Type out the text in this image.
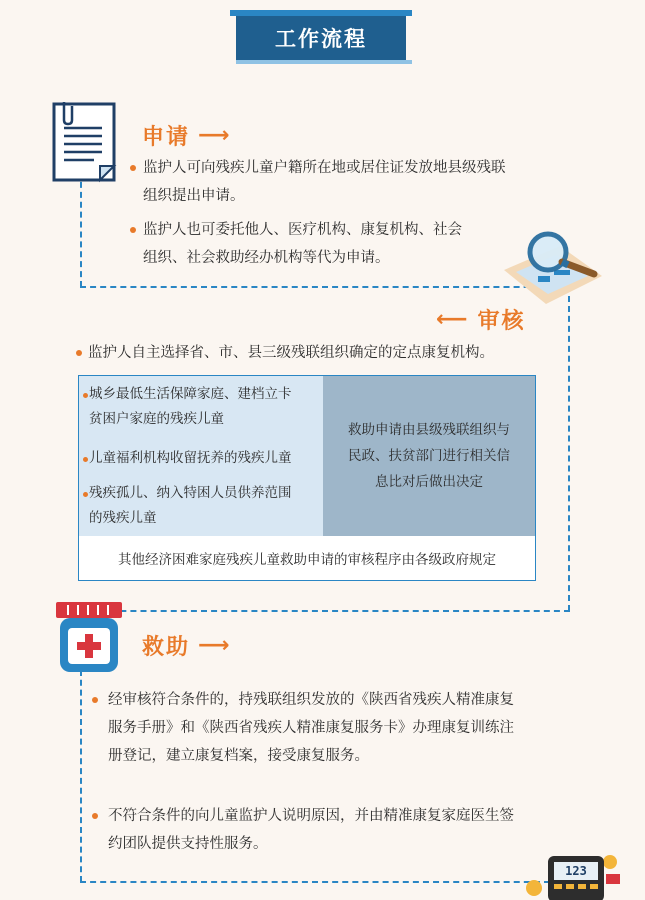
工作流程
申请 ⟶
监护人可向残疾儿童户籍所在地或居住证发放地县级残联
组织提出申请。
监护人也可委托他人、医疗机构、康复机构、社会
组织、社会救助经办机构等代为申请。
⟵ 审核
监护人自主选择省、市、县三级残联组织确定的定点康复机构。
城乡最低生活保障家庭、建档立卡
贫困户家庭的残疾儿童
儿童福利机构收留抚养的残疾儿童
残疾孤儿、纳入特困人员供养范围
的残疾儿童
救助申请由县级残联组织与
民政、扶贫部门进行相关信
息比对后做出决定
其他经济困难家庭残疾儿童救助申请的审核程序由各级政府规定
救助 ⟶
经审核符合条件的，持残联组织发放的《陕西省残疾人精准康复
服务手册》和《陕西省残疾人精准康复服务卡》办理康复训练注
册登记，建立康复档案，接受康复服务。
不符合条件的向儿童监护人说明原因，并由精准康复家庭医生签
约团队提供支持性服务。
123
